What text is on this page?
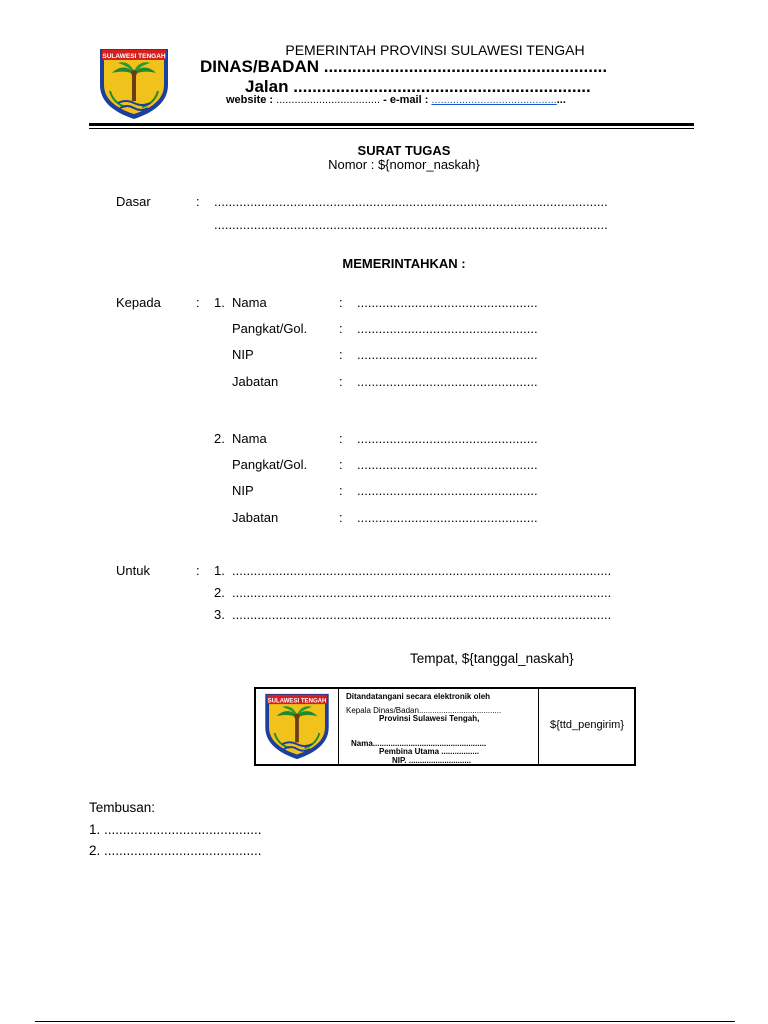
SULAWESI TENGAH	PEMERINTAH PROVINSI SULAWESI TENGAH
DINAS/BADAN ............................................................
Jalan ...............................................................
website : .................................. - e-mail : ............................................
SURAT TUGAS
Nomor : ${nomor_naskah}
Dasar	: .............................................................................................................
.............................................................................................................
MEMERINTAHKAN :
Kepada	: 1. Nama	: ..................................................
Pangkat/Gol. : ..................................................
NIP	: ..................................................
Jabatan	: ..................................................
2. Nama	: ..................................................
Pangkat/Gol. : ..................................................
NIP	: ..................................................
Jabatan	: ..................................................
Untuk	: 1. .........................................................................................................
2. .........................................................................................................
3. .........................................................................................................
Tempat, ${tanggal_naskah}
SULAWESI TENGAH
Ditandatangani secara elektronik oleh
Kepala Dinas/Badan.....................................
Provinsi Sulawesi Tengah,
Nama...................................................
Pembina Utama .................
NIP. ............................
${ttd_pengirim}
Tembusan:
1. ..........................................
2. ..........................................
